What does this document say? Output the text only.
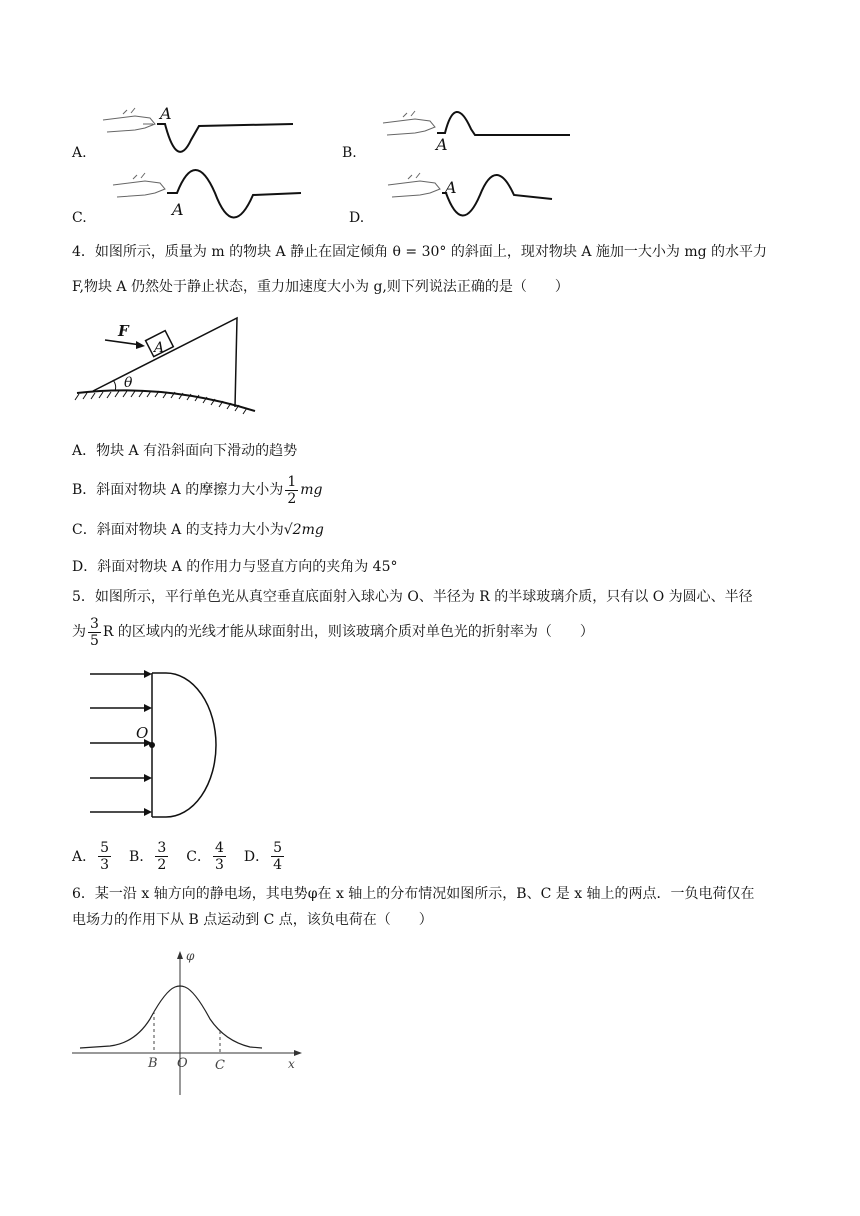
A.
A
B.	A
C.	A	D.
A
4．如图所示，质量为 m 的物块 A 静止在固定倾角 θ = 30° 的斜面上，现对物块 A 施加一大小为 mg 的水平力
F,物块 A 仍然处于静止状态，重力加速度大小为 g,则下列说法正确的是（　　）
F
A
θ
A．物块 A 有沿斜面向下滑动的趋势
B．斜面对物块 A 的摩擦力大小为 $\frac{1}{2}$ mg
C．斜面对物块 A 的支持力大小为√2mg
D．斜面对物块 A 的作用力与竖直方向的夹角为 45°
5．如图所示，平行单色光从真空垂直底面射入球心为 O、半径为 R 的半球玻璃介质，只有以 O 为圆心、半径
为 $\frac{3}{5}$ R 的区域内的光线才能从球面射出，则该玻璃介质对单色光的折射率为（　　）
O
A． $\frac{5}{3}$ B． $\frac{3}{2}$ C． $\frac{4}{3}$ D． $\frac{5}{4}$
6．某一沿 x 轴方向的静电场，其电势φ在 x 轴上的分布情况如图所示，B、C 是 x 轴上的两点．一负电荷仅在
电场力的作用下从 B 点运动到 C 点，该负电荷在（　　）
φ
x
O
B	C
